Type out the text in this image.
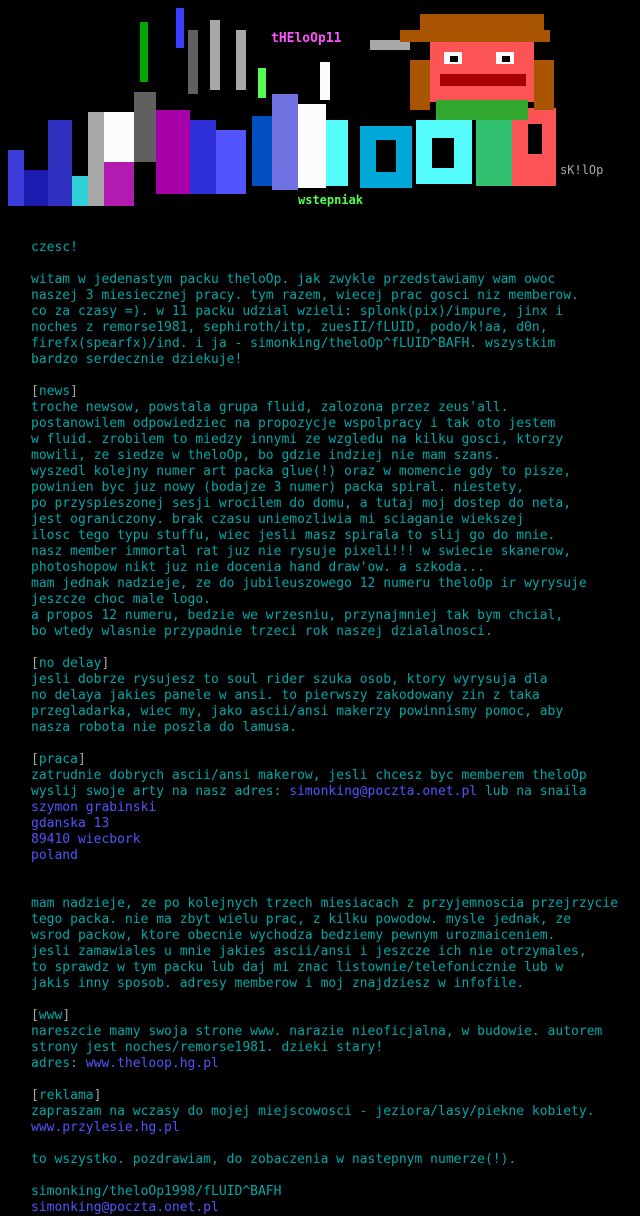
tHEloOp11
sK!lOp
wstepniak
czesc!
witam w jedenastym packu theloOp. jak zwykle przedstawiamy wam owoc
naszej 3 miesiecznej pracy. tym razem, wiecej prac gosci niz memberow.
co za czasy =). w 11 packu udzial wzieli: splonk(pix)/impure, jinx i
noches z remorse1981, sephiroth/itp, zuesII/fLUID, podo/k!aa, d0n,
firefx(spearfx)/ind. i ja - simonking/theloOp^fLUID^BAFH. wszystkim
bardzo serdecznie dziekuje!
[news]
troche newsow, powstala grupa fluid, zalozona przez zeus'all.
postanowilem odpowiedziec na propozycje wspolpracy i tak oto jestem
w fluid. zrobilem to miedzy innymi ze wzgledu na kilku gosci, ktorzy
mowili, ze siedze w theloOp, bo gdzie indziej nie mam szans.
wyszedl kolejny numer art packa glue(!) oraz w momencie gdy to pisze,
powinien byc juz nowy (bodajze 3 numer) packa spiral. niestety,
po przyspieszonej sesji wrocilem do domu, a tutaj moj dostep do neta,
jest ograniczony. brak czasu uniemozliwia mi sciaganie wiekszej
ilosc tego typu stuffu, wiec jesli masz spirala to slij go do mnie.
nasz member immortal rat juz nie rysuje pixeli!!! w swiecie skanerow,
photoshopow nikt juz nie docenia hand draw'ow. a szkoda...
mam jednak nadzieje, ze do jubileuszowego 12 numeru theloOp ir wyrysuje
jeszcze choc male logo.
a propos 12 numeru, bedzie we wrzesniu, przynajmniej tak bym chcial,
bo wtedy wlasnie przypadnie trzeci rok naszej dzialalnosci.
[no delay]
jesli dobrze rysujesz to soul rider szuka osob, ktory wyrysuja dla
no delaya jakies panele w ansi. to pierwszy zakodowany zin z taka
przegladarka, wiec my, jako ascii/ansi makerzy powinnismy pomoc, aby
nasza robota nie poszla do lamusa.
[praca]
zatrudnie dobrych ascii/ansi makerow, jesli chcesz byc memberem theloOp
wyslij swoje arty na nasz adres: simonking@poczta.onet.pl lub na snaila
szymon grabinski
gdanska 13
89410 wiecbork
poland
mam nadzieje, ze po kolejnych trzech miesiacach z przyjemnoscia przejrzycie
tego packa. nie ma zbyt wielu prac, z kilku powodow. mysle jednak, ze
wsrod packow, ktore obecnie wychodza bedziemy pewnym urozmaiceniem.
jesli zamawiales u mnie jakies ascii/ansi i jeszcze ich nie otrzymales,
to sprawdz w tym packu lub daj mi znac listownie/telefonicznie lub w
jakis inny sposob. adresy memberow i moj znajdziesz w infofile.
[www]
nareszcie mamy swoja strone www. narazie nieoficjalna, w budowie. autorem
strony jest noches/remorse1981. dzieki stary!
adres: www.theloop.hg.pl
[reklama]
zapraszam na wczasy do mojej miejscowosci - jeziora/lasy/piekne kobiety.
www.przylesie.hg.pl
to wszystko. pozdrawiam, do zobaczenia w nastepnym numerze(!).
simonking/theloOp1998/fLUID^BAFH
simonking@poczta.onet.pl
